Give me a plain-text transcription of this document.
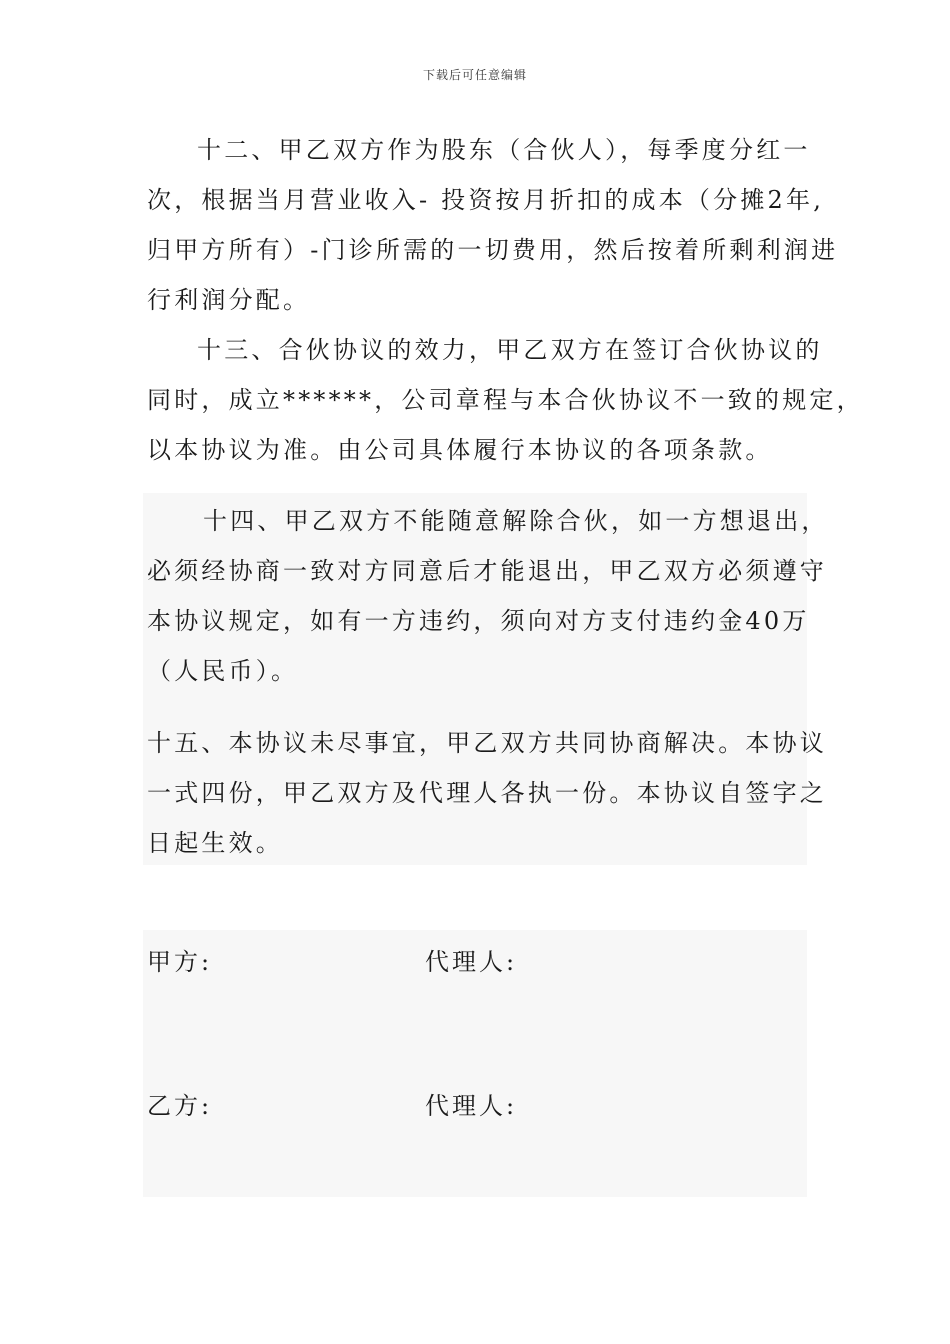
下载后可任意编辑
十二、甲乙双方作为股东（合伙人），每季度分红一
次，根据当月营业收入- 投资按月折扣的成本（分摊2年,
归甲方所有）-门诊所需的一切费用，然后按着所剩利润进
行利润分配。
十三、合伙协议的效力，甲乙双方在签订合伙协议的
同时，成立******，公司章程与本合伙协议不一致的规定，
以本协议为准。由公司具体履行本协议的各项条款。
十四、甲乙双方不能随意解除合伙，如一方想退出，
必须经协商一致对方同意后才能退出，甲乙双方必须遵守
本协议规定，如有一方违约，须向对方支付违约金40万
（人民币）。
十五、本协议未尽事宜，甲乙双方共同协商解决。本协议
一式四份，甲乙双方及代理人各执一份。本协议自签字之
日起生效。
甲方:	代理人:
乙方:	代理人:
